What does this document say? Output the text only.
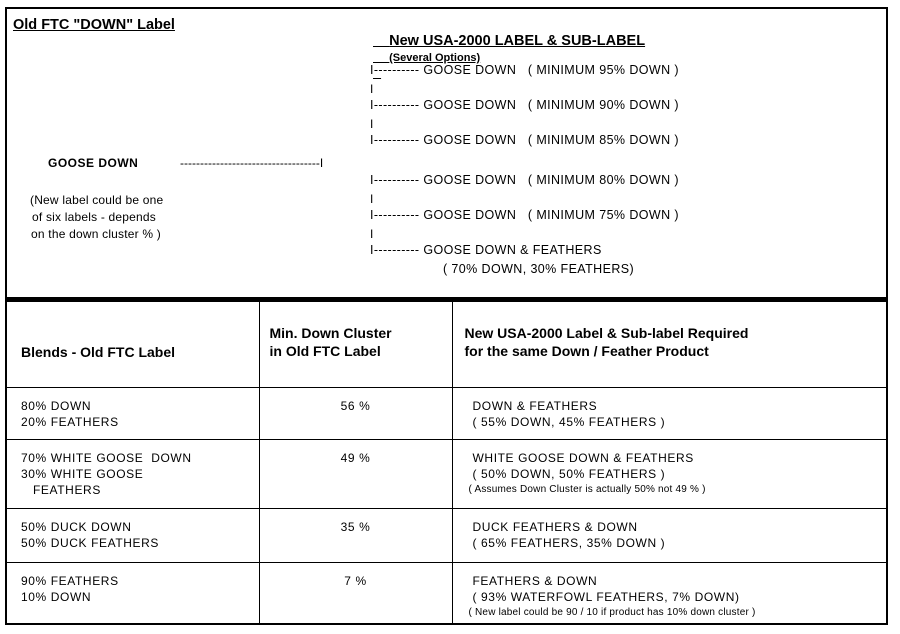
Old FTC "DOWN" Label

New USA-2000 LABEL & SUB-LABEL
(Several Options)

GOOSE DOWN	-----------------------------------I
(New label could be one
of six labels - depends
on the down cluster % )
I---------- GOOSE DOWN   ( MINIMUM 95% DOWN )
I
I---------- GOOSE DOWN   ( MINIMUM 90% DOWN )
I
I---------- GOOSE DOWN   ( MINIMUM 85% DOWN )
I---------- GOOSE DOWN   ( MINIMUM 80% DOWN )
I
I---------- GOOSE DOWN   ( MINIMUM 75% DOWN )
I
I---------- GOOSE DOWN & FEATHERS
( 70% DOWN, 30% FEATHERS)
Blends - Old FTC Label	Min. Down Cluster
in Old FTC Label	New USA-2000 Label & Sub-label Required
for the same Down / Feather Product

80% DOWN
20% FEATHERS	56 %	DOWN & FEATHERS
( 55% DOWN, 45% FEATHERS )

70% WHITE GOOSE  DOWN
30% WHITE GOOSE
FEATHERS	49 %	WHITE GOOSE DOWN & FEATHERS
( 50% DOWN, 50% FEATHERS )
( Assumes Down Cluster is actually 50% not 49 % )

50% DUCK DOWN
50% DUCK FEATHERS	35 %	DUCK FEATHERS & DOWN
( 65% FEATHERS, 35% DOWN )

90% FEATHERS
10% DOWN	7 %	FEATHERS & DOWN
( 93% WATERFOWL FEATHERS, 7% DOWN)
( New label could be 90 / 10 if product has 10% down cluster )
